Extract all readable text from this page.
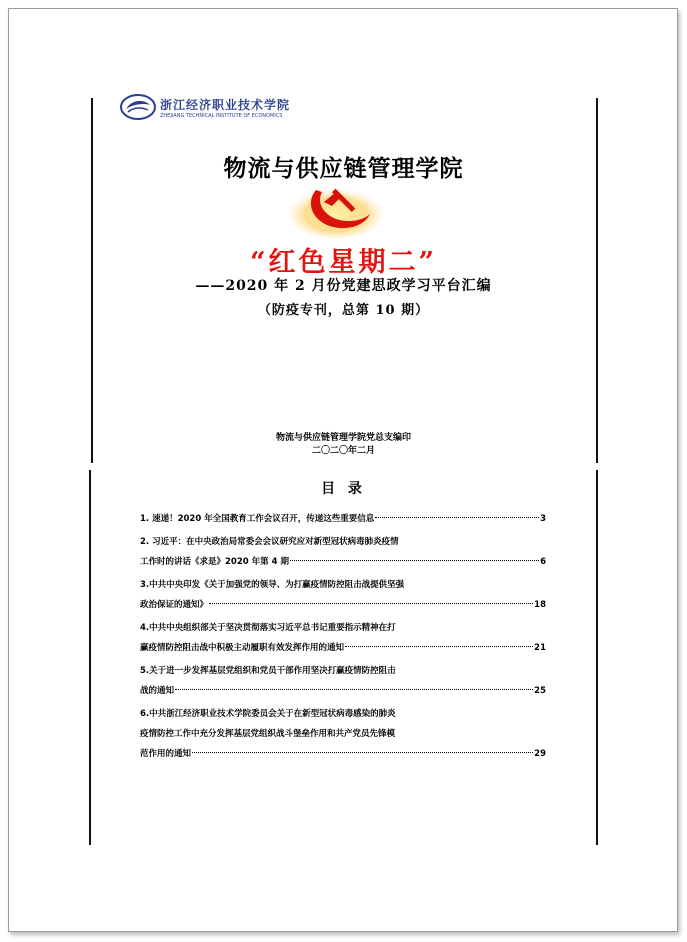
浙江经济职业技术学院
ZHEJIANG TECHNICAL INSTITUTE OF ECONOMICS
物流与供应链管理学院
“红色星期二”
——2020 年 2 月份党建思政学习平台汇编
（防疫专刊，总第 10 期）
物流与供应链管理学院党总支编印
二〇二〇年二月
目 录
1. 速递！2020 年全国教育工作会议召开，传递这些重要信息	3
2. 习近平：在中央政治局常委会会议研究应对新型冠状病毒肺炎疫情
工作时的讲话《求是》2020 年第 4 期	6
3.中共中央印发《关于加强党的领导、为打赢疫情防控阻击战提供坚强
政治保证的通知》	18
4.中共中央组织部关于坚决贯彻落实习近平总书记重要指示精神在打
赢疫情防控阻击战中积极主动履职有效发挥作用的通知	21
5.关于进一步发挥基层党组织和党员干部作用坚决打赢疫情防控阻击
战的通知	25
6.中共浙江经济职业技术学院委员会关于在新型冠状病毒感染的肺炎
疫情防控工作中充分发挥基层党组织战斗堡垒作用和共产党员先锋模
范作用的通知	29
